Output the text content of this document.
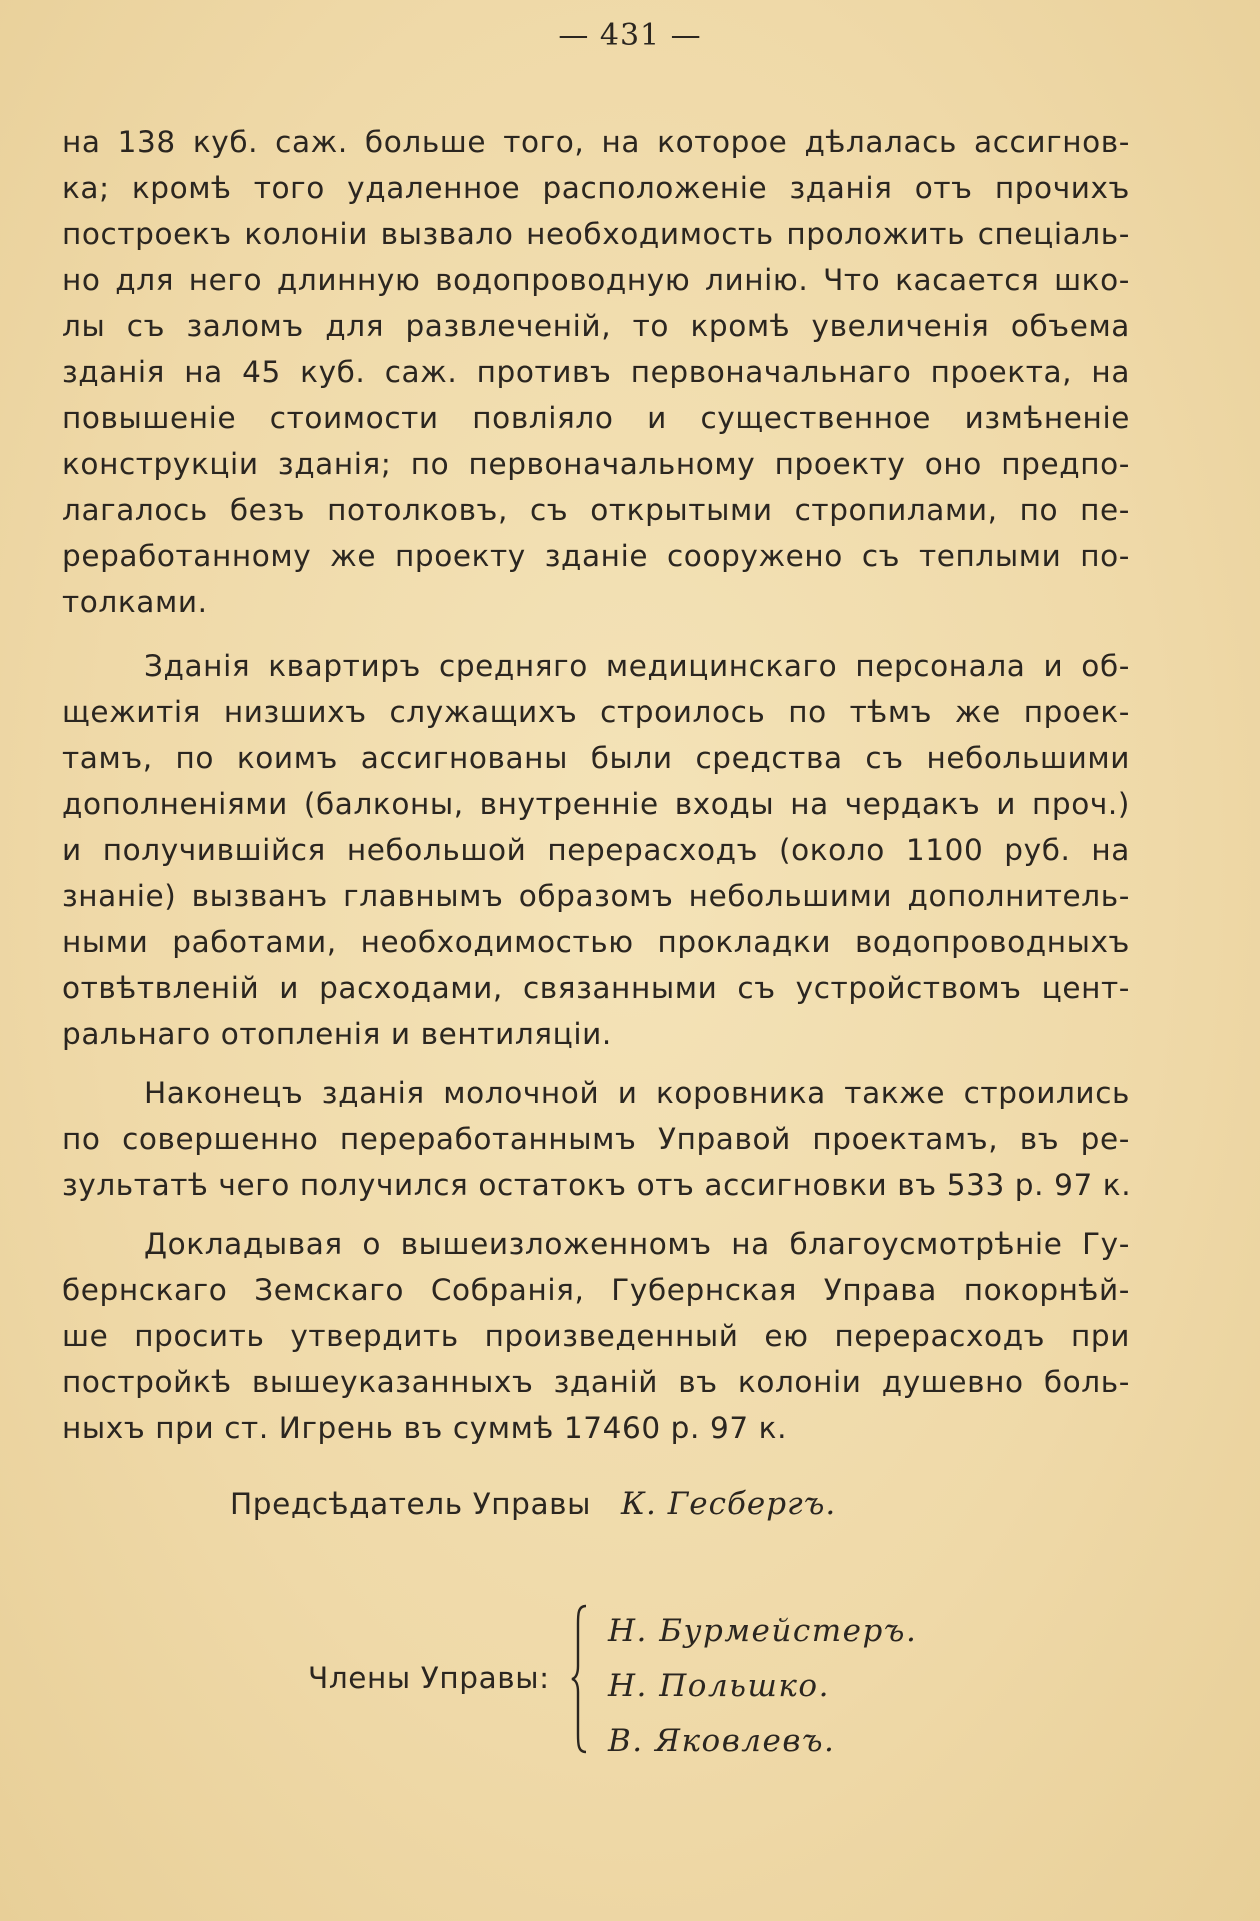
— 431 —
на 138 куб. саж. больше того, на которое дѣлалась ассигнов-
ка; кромѣ того удаленное расположеніе зданія отъ прочихъ
построекъ колоніи вызвало необходимость проложить спеціаль-
но для него длинную водопроводную линію. Что касается шко-
лы съ заломъ для развлеченій, то кромѣ увеличенія объема
зданія на 45 куб. саж. противъ первоначальнаго проекта, на
повышеніе стоимости повліяло и существенное измѣненіе
конструкціи зданія; по первоначальному проекту оно предпо-
лагалось безъ потолковъ, съ открытыми стропилами, по пе-
реработанному же проекту зданіе сооружено съ теплыми по-
толками.
Зданія квартиръ средняго медицинскаго персонала и об-
щежитія низшихъ служащихъ строилось по тѣмъ же проек-
тамъ, по коимъ ассигнованы были средства съ небольшими
дополненіями (балконы, внутренніе входы на чердакъ и проч.)
и получившійся небольшой перерасходъ (около 1100 руб. на
знаніе) вызванъ главнымъ образомъ небольшими дополнитель-
ными работами, необходимостью прокладки водопроводныхъ
отвѣтвленій и расходами, связанными съ устройствомъ цент-
ральнаго отопленія и вентиляціи.
Наконецъ зданія молочной и коровника также строились
по совершенно переработаннымъ Управой проектамъ, въ ре-
зультатѣ чего получился остатокъ отъ ассигновки въ 533 р. 97 к.
Докладывая о вышеизложенномъ на благоусмотрѣніе Гу-
бернскаго Земскаго Собранія, Губернская Управа покорнѣй-
ше просить утвердить произведенный ею перерасходъ при
постройкѣ вышеуказанныхъ зданій въ колоніи душевно боль-
ныхъ при ст. Игрень въ суммѣ 17460 р. 97 к.
Предсѣдатель Управы К. Гесбергъ.
Члены Управы:
Н. Бурмейстеръ.
Н. Польшко.
В. Яковлевъ.
